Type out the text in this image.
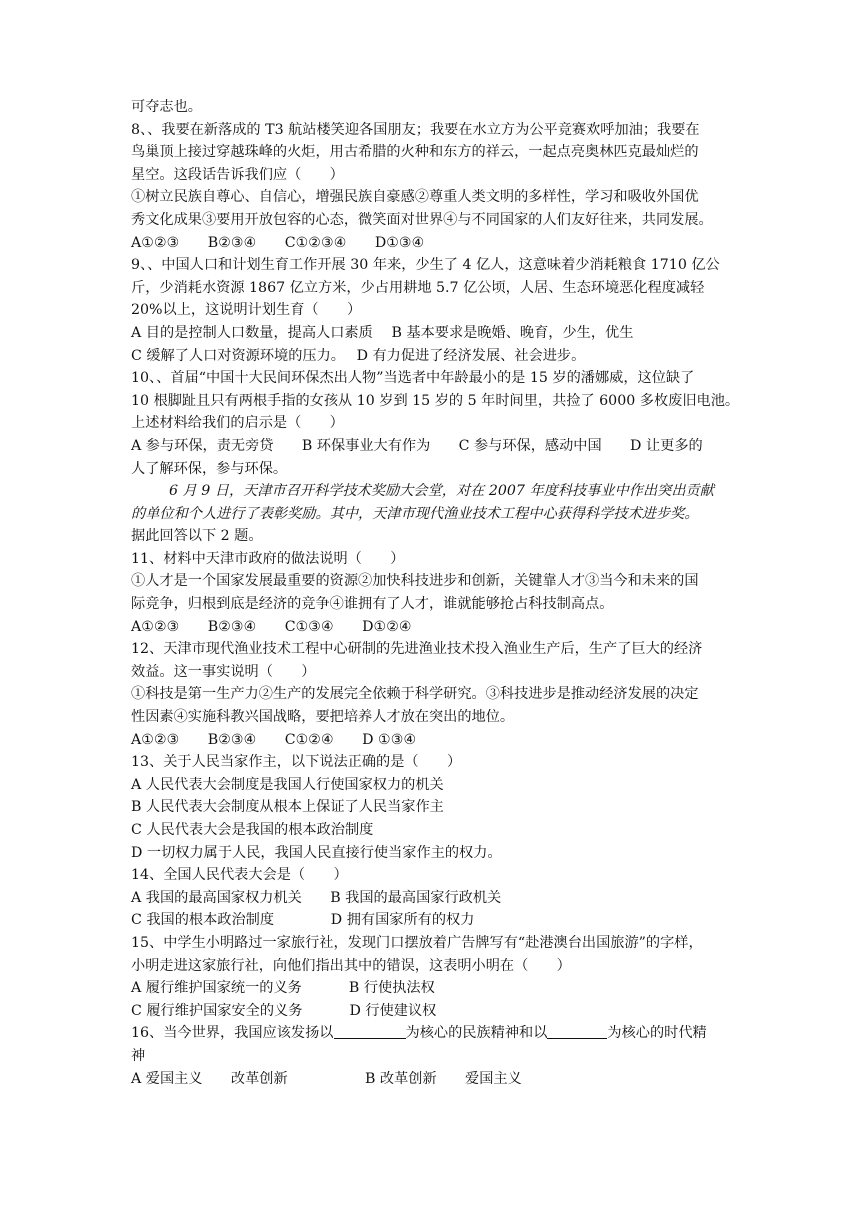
可夺志也。
8、、我要在新落成的 T3 航站楼笑迎各国朋友；我要在水立方为公平竞赛欢呼加油；我要在
鸟巢顶上接过穿越珠峰的火炬，用古希腊的火种和东方的祥云，一起点亮奥林匹克最灿烂的
星空。这段话告诉我们应（　　）
①树立民族自尊心、自信心，增强民族自豪感②尊重人类文明的多样性，学习和吸收外国优
秀文化成果③要用开放包容的心态，微笑面对世界④与不同国家的人们友好往来，共同发展。
A①②③　　B②③④　　C①②③④　　D①③④
9、、中国人口和计划生育工作开展 30 年来，少生了 4 亿人，这意味着少消耗粮食 1710 亿公
斤，少消耗水资源 1867 亿立方米，少占用耕地 5.7 亿公顷，人居、生态环境恶化程度减轻
20%以上，这说明计划生育（　　）
A 目的是控制人口数量，提高人口素质　 B 基本要求是晚婚、晚育，少生，优生
C 缓解了人口对资源环境的压力。　 D 有力促进了经济发展、社会进步。
10、、首届“中国十大民间环保杰出人物”当选者中年龄最小的是 15 岁的潘娜威，这位缺了
10 根脚趾且只有两根手指的女孩从 10 岁到 15 岁的 5 年时间里，共捡了 6000 多枚废旧电池。
上述材料给我们的启示是（　　）
A 参与环保，责无旁贷　　B 环保事业大有作为　　C 参与环保，感动中国　　D 让更多的
人了解环保，参与环保。
6 月 9 日，天津市召开科学技术奖励大会堂，对在 2007 年度科技事业中作出突出贡献
的单位和个人进行了表彰奖励。其中，天津市现代渔业技术工程中心获得科学技术进步奖。
据此回答以下 2 题。
11、材料中天津市政府的做法说明（　　）
①人才是一个国家发展最重要的资源②加快科技进步和创新，关键靠人才③当今和未来的国
际竞争，归根到底是经济的竞争④谁拥有了人才，谁就能够抢占科技制高点。
A①②③　　B②③④　　C①③④　　D①②④
12、天津市现代渔业技术工程中心研制的先进渔业技术投入渔业生产后，生产了巨大的经济
效益。这一事实说明（　　）
①科技是第一生产力②生产的发展完全依赖于科学研究。③科技进步是推动经济发展的决定
性因素④实施科教兴国战略，要把培养人才放在突出的地位。
A①②③　　B②③④　　C①②④　　D ①③④
13、关于人民当家作主，以下说法正确的是（　　）
A 人民代表大会制度是我国人行使国家权力的机关
B 人民代表大会制度从根本上保证了人民当家作主
C 人民代表大会是我国的根本政治制度
D 一切权力属于人民，我国人民直接行使当家作主的权力。
14、全国人民代表大会是（　　）
A 我国的最高国家权力机关　　B 我国的最高国家行政机关
C 我国的根本政治制度　　　　D 拥有国家所有的权力
15、中学生小明路过一家旅行社，发现门口摆放着广告牌写有“赴港澳台出国旅游”的字样，
小明走进这家旅行社，向他们指出其中的错误，这表明小明在（　　）
A 履行维护国家统一的义务　　　 B 行使执法权
C 履行维护国家安全的义务　　　 D 行使建议权
16、当今世界，我国应该发扬以	为核心的民族精神和以	为核心的时代精
神
A 爱国主义　　改革创新	B 改革创新　　爱国主义
